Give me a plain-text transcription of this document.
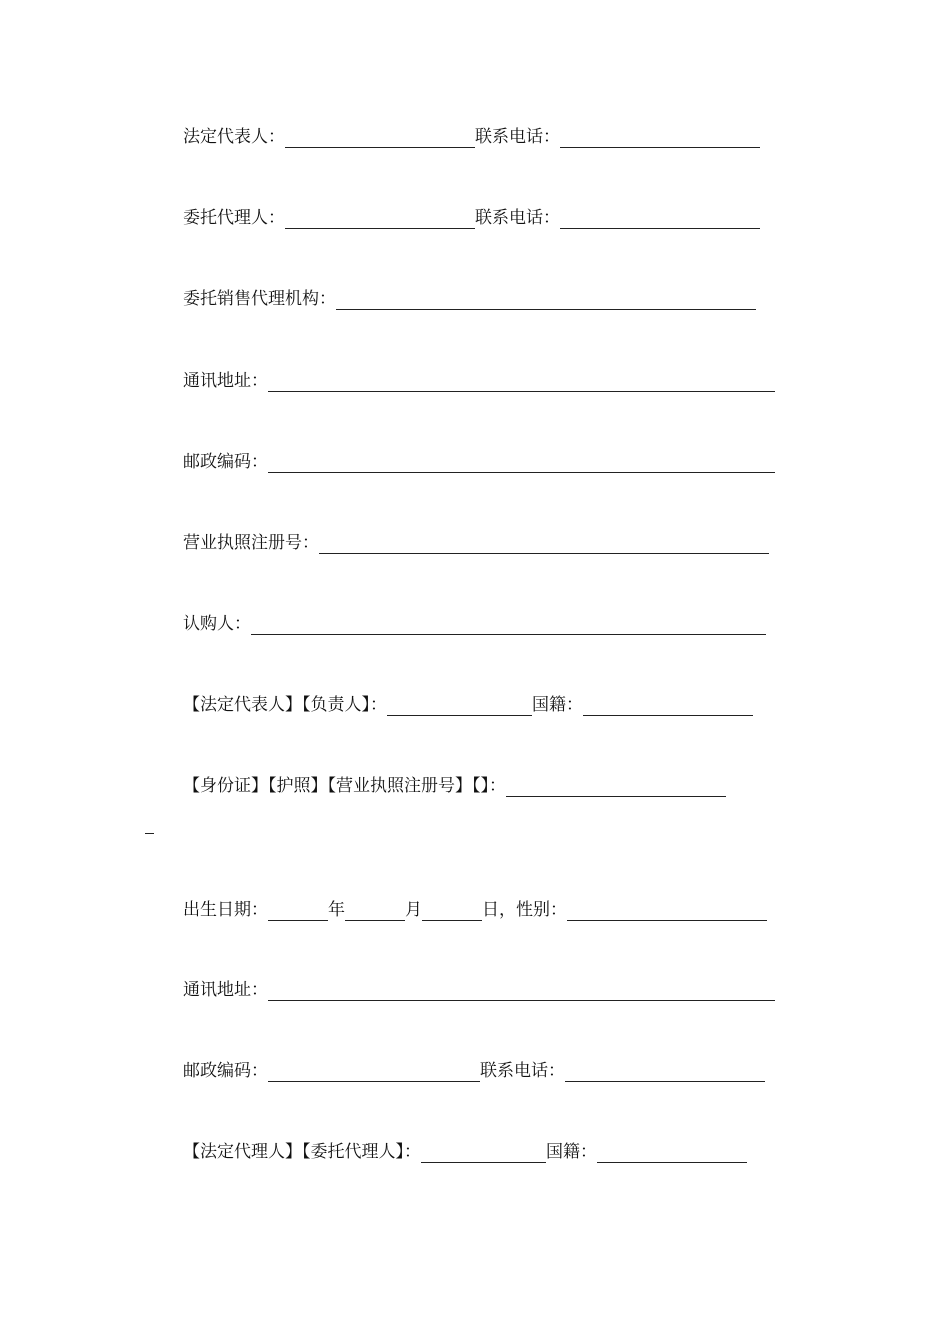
法定代表人：	联系电话：
委托代理人：	联系电话：
委托销售代理机构：
通讯地址：
邮政编码：
营业执照注册号：
认购人：
【法定代表人】【负责人】：	国籍：
【身份证】【护照】【营业执照注册号】【】：
出生日期：	年	月	日，性别：
通讯地址：
邮政编码：	联系电话：
【法定代理人】【委托代理人】：	国籍：
